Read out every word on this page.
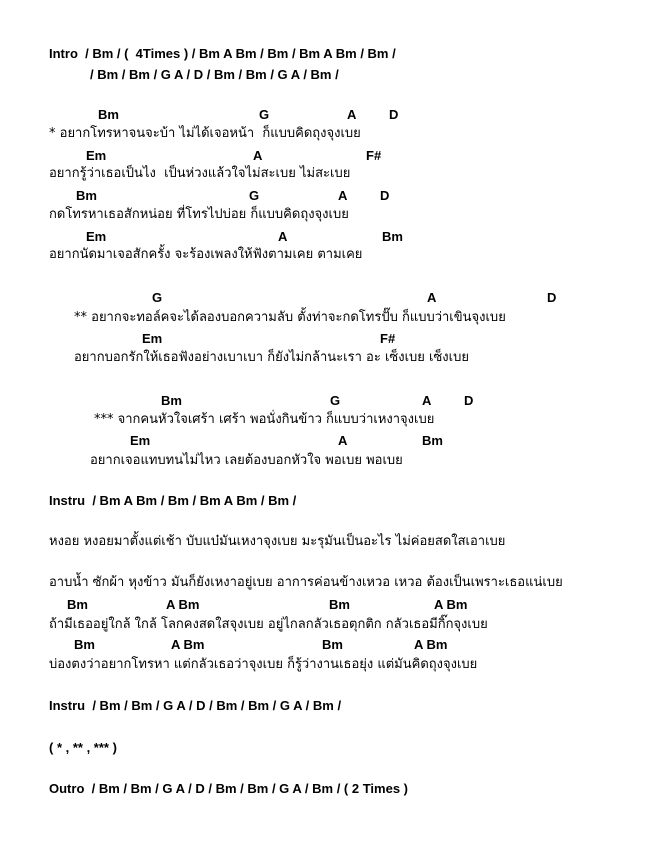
Intro  / Bm / (  4Times ) / Bm A Bm / Bm / Bm A Bm / Bm /
/ Bm / Bm / G A / D / Bm / Bm / G A / Bm /
Bm	G	A	D
* อยากโทรหาจนจะบ้า ไม่ได้เจอหน้า  ก็แบบคิดถุงจุงเบย
Em	A	F#
อยากรู้ว่าเธอเป็นไง  เป็นห่วงแล้วใจไม่สะเบย ไม่สะเบย
Bm	G	A	D
กดโทรหาเธอสักหน่อย ที่โทรไปบ่อย ก็แบบคิดถุงจุงเบย
Em	A	Bm
อยากนัดมาเจอสักครั้ง จะร้องเพลงให้ฟังตามเคย ตามเคย
G	A	D
** อยากจะทอล์คจะได้ลองบอกความลับ ตั้งท่าจะกดโทรปั๊บ ก็แบบว่าเขินจุงเบย
Em	F#
อยากบอกรักให้เธอฟังอย่างเบาเบา ก็ยังไม่กล้านะเรา อะ เซ็งเบย เซ็งเบย
Bm	G	A	D
*** จากคนหัวใจเศร้า เศร้า พอนั่งกินข้าว ก็แบบว่าเหงาจุงเบย
Em	A	Bm
อยากเจอแทบทนไม่ไหว เลยต้องบอกหัวใจ พอเบย พอเบย
Instru  / Bm A Bm / Bm / Bm A Bm / Bm /
หงอย หงอยมาตั้งแต่เช้า บับแบ๋มันเหงาจุงเบย มะรุมันเป็นอะไร ไม่ค่อยสดใสเอาเบย
อาบน้ำ ซักผ้า หุงข้าว มันก็ยังเหงาอยู่เบย อาการค่อนข้างเหวอ เหวอ ต้องเป็นเพราะเธอแน่เบย
Bm	A Bm	Bm	A Bm
ถ้ามีเธออยู่ใกล้ ใกล้ โลกคงสดใสจุงเบย อยู่ไกลกลัวเธอตุกติก กลัวเธอมีกิ๊กจุงเบย
Bm	A Bm	Bm	A Bm
บ่องตงว่าอยากโทรหา แต่กลัวเธอว่าจุงเบย ก็รู้ว่างานเธอยุ่ง แต่มันคิดถุงจุงเบย
Instru  / Bm / Bm / G A / D / Bm / Bm / G A / Bm /
( * , ** , *** )
Outro  / Bm / Bm / G A / D / Bm / Bm / G A / Bm / ( 2 Times )
